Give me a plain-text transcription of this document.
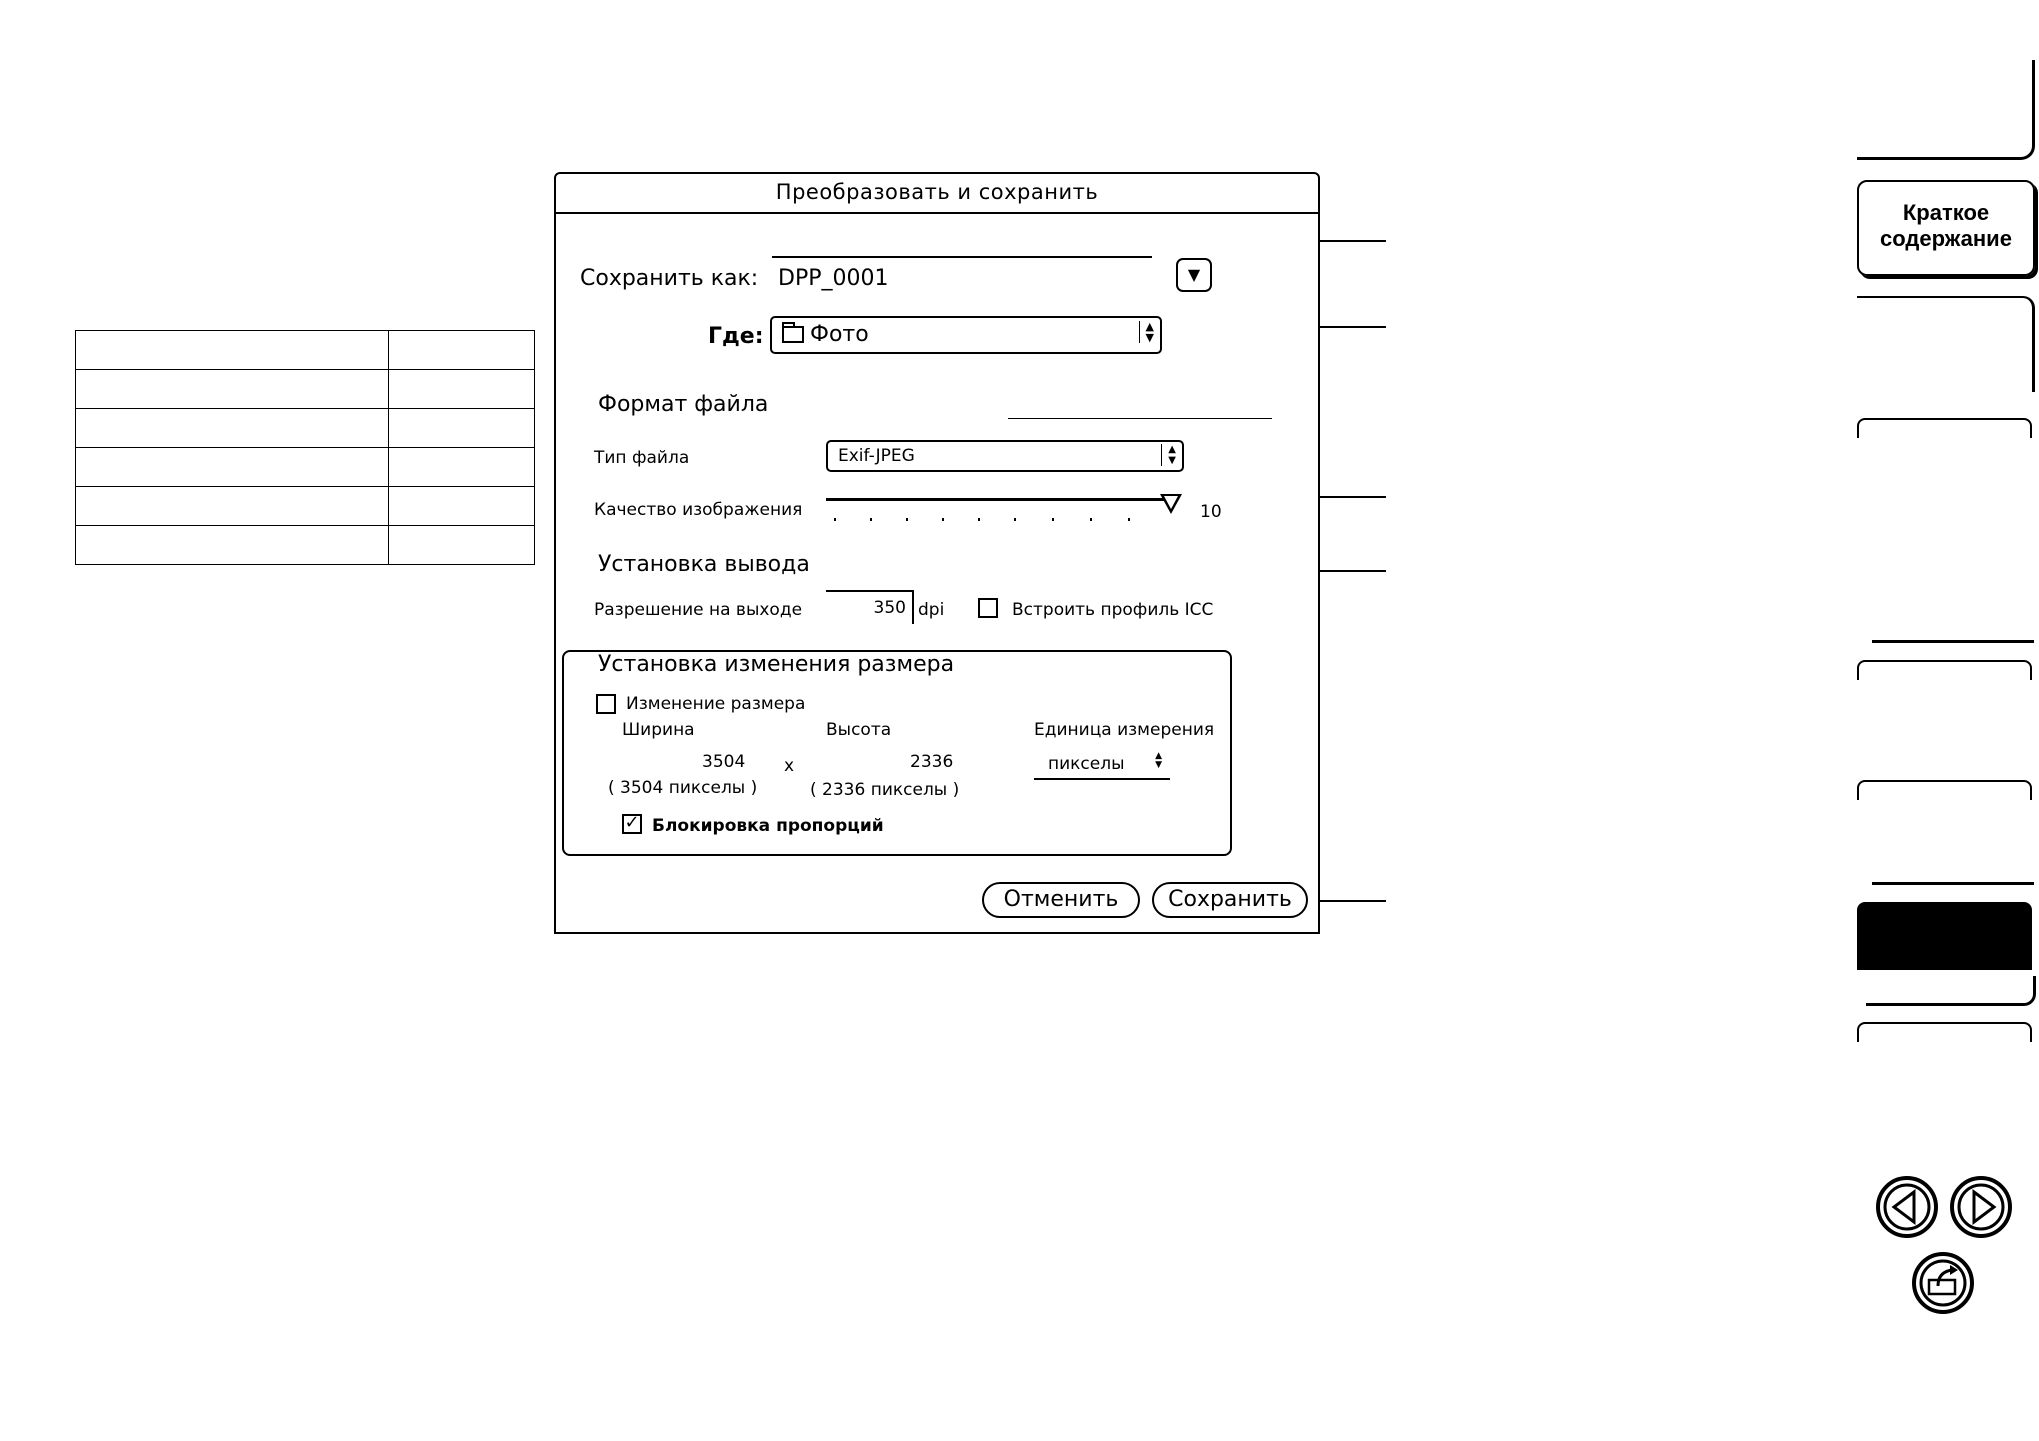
Преобразовать и сохранить
Сохранить как: DPP_0001	▼
Где:	Фото	▲
▼
Формат файла
Тип файла	Exif-JPEG	▲
▼
Качество изображения	10
Установка вывода
Разрешение на выходе	350 dpi	Встроить профиль ICC
Установка изменения размера
Изменение размера
Ширина	Высота	Единица измерения
3504 x	2336	пикселы	▲
▼
( 3504 пикселы )	( 2336 пикселы )
✓ Блокировка пропорций
Отменить	Сохранить
Краткое содержание
